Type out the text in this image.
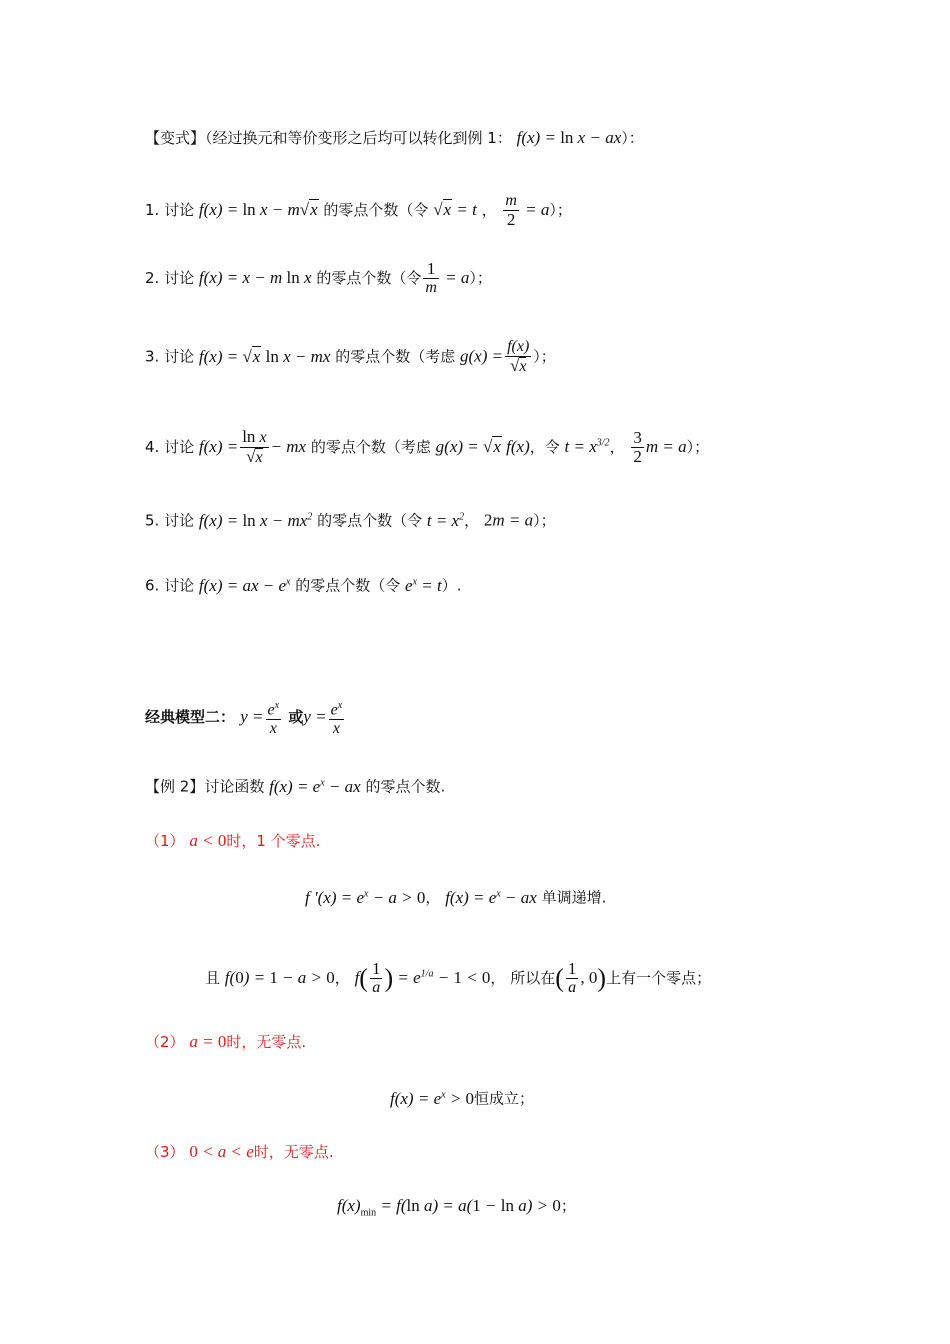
【变式】（经过换元和等价变形之后均可以转化到例 1： f(x) = ln x − ax）：
1. 讨论 f(x) = ln x − m√x 的零点个数（令 √x = t ， $\frac{m}{2} = a$）；
2. 讨论 f(x) = x − m ln x 的零点个数（令 $\frac{1}{m} = a$）；
3. 讨论 f(x) = √x ln x − mx 的零点个数（考虑 $g(x) = \frac{f(x)}{√x}$ ）；
4. 讨论 $f(x) = \frac{\text{ln x}}{√x}$ − mx 的零点个数（考虑 g(x) = √x f(x)，令 $t = x^{3/2}$， $\frac{3}{2}$ m = a）；
5. 讨论 $f(x) = \ln x - mx^2$ 的零点个数（令 $t = x^2$， 2m = a）；
6. 讨论 f(x) = ax − $e^x$ 的零点个数（令 $e^x = t$）.
经典模型二： $y = \frac{e^x}{x}$ 或$y = \frac{e^x}{x}$
【例 2】讨论函数 $f(x) = e^x$ − ax 的零点个数.
（1） a < 0时，1 个零点.
f '$(x) = e^x - a > 0$， $f(x) = e^x$ − ax 单调递增.
且 f(0) = 1 − a > 0， $f( \frac{1}{a}$ ) = $e^{1/a} - 1 < 0$， 所以在( $\frac{1}{a}$ , 0)上有一个零点；
（2） a = 0时，无零点.
$f(x) = e^x > 0$恒成立；
（3） 0 < a < e时，无零点.
$f(x)_{min} = f(\ln$ a) = a(1 − ln a) > 0；
